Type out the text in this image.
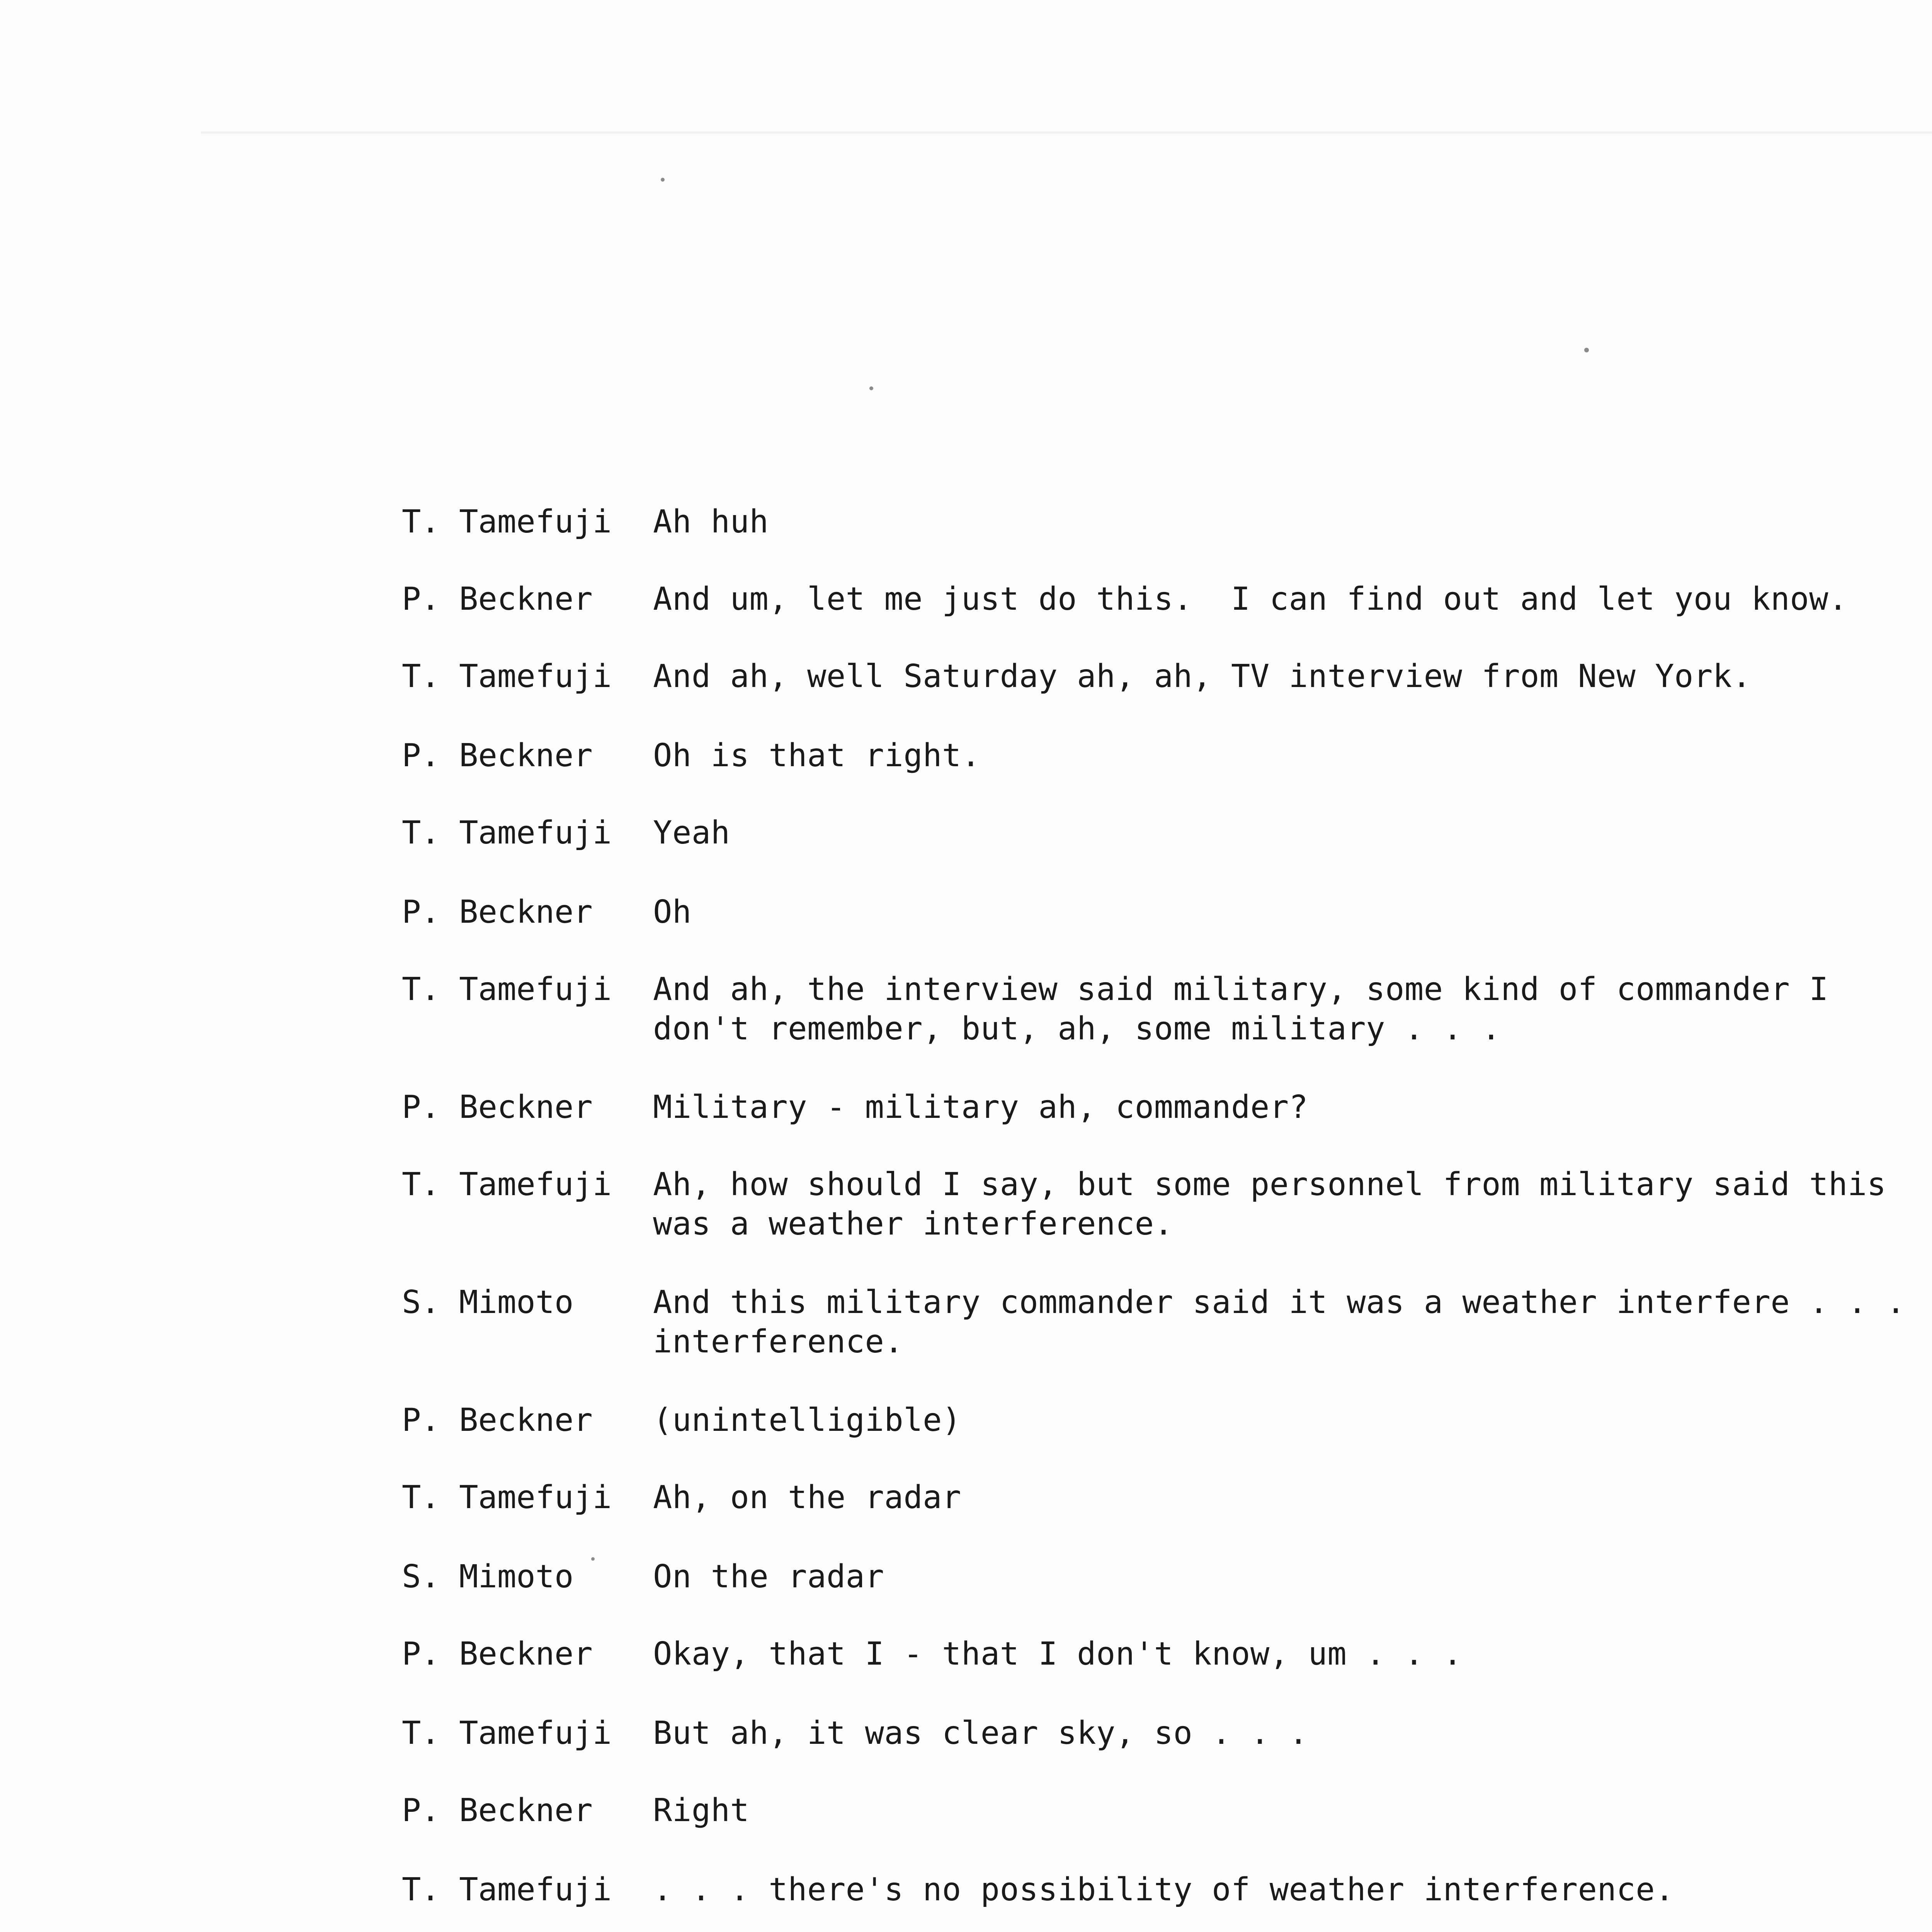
T. Tamefuji	Ah huh
P. Beckner	And um, let me just do this.  I can find out and let you know.
T. Tamefuji	And ah, well Saturday ah, ah, TV interview from New York.
P. Beckner	Oh is that right.
T. Tamefuji	Yeah
P. Beckner	Oh
T. Tamefuji	And ah, the interview said military, some kind of commander I
don't remember, but, ah, some military . . .
P. Beckner	Military - military ah, commander?
T. Tamefuji	Ah, how should I say, but some personnel from military said this
was a weather interference.
S. Mimoto	And this military commander said it was a weather interfere . . .
interference.
P. Beckner	(unintelligible)
T. Tamefuji	Ah, on the radar
S. Mimoto	On the radar
P. Beckner	Okay, that I - that I don't know, um . . .
T. Tamefuji	But ah, it was clear sky, so . . .
P. Beckner	Right
T. Tamefuji	. . . there's no possibility of weather interference.
